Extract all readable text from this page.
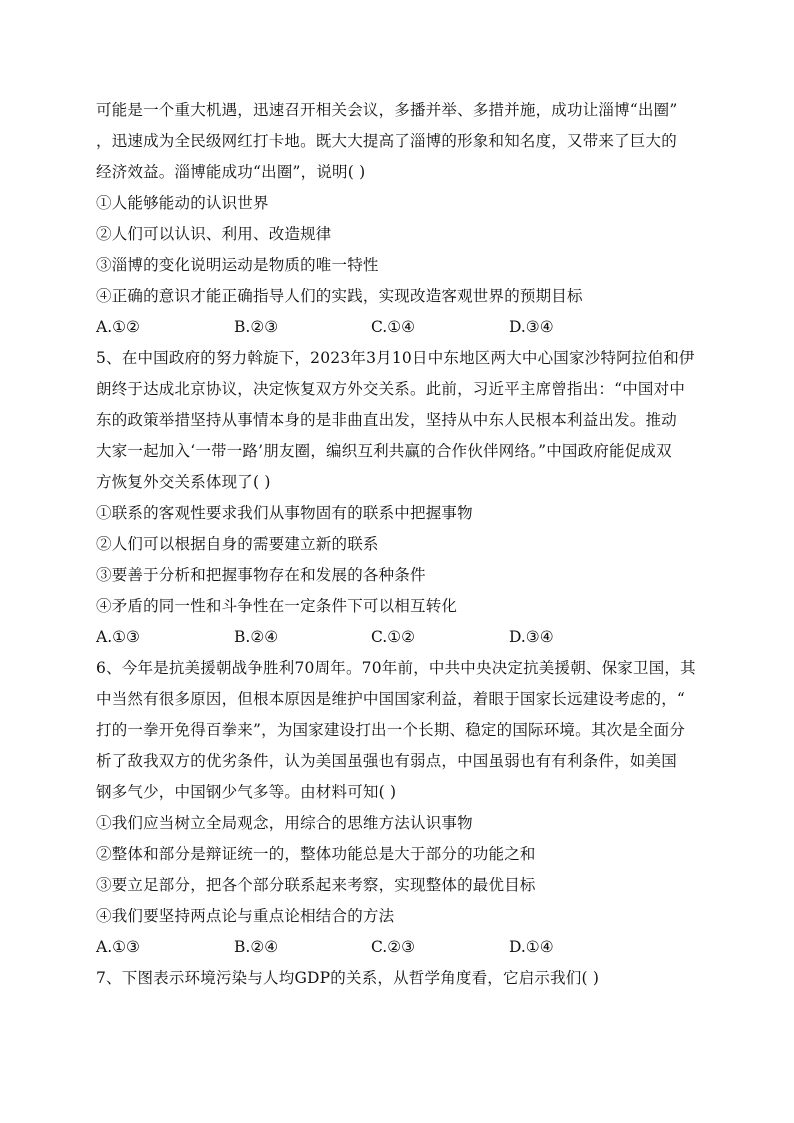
可能是一个重大机遇，迅速召开相关会议，多播并举、多措并施，成功让淄博“出圈”
，迅速成为全民级网红打卡地。既大大提高了淄博的形象和知名度，又带来了巨大的
经济效益。淄博能成功“出圈”，说明( )
①人能够能动的认识世界
②人们可以认识、利用、改造规律
③淄博的变化说明运动是物质的唯一特性
④正确的意识才能正确指导人们的实践，实现改造客观世界的预期目标
A.①②	B.②③	C.①④	D.③④
5、在中国政府的努力斡旋下，2023年3月10日中东地区两大中心国家沙特阿拉伯和伊
朗终于达成北京协议，决定恢复双方外交关系。此前，习近平主席曾指出：“中国对中
东的政策举措坚持从事情本身的是非曲直出发，坚持从中东人民根本利益出发。推动
大家一起加入‘一带一路’朋友圈，编织互利共赢的合作伙伴网络。”中国政府能促成双
方恢复外交关系体现了( )
①联系的客观性要求我们从事物固有的联系中把握事物
②人们可以根据自身的需要建立新的联系
③要善于分析和把握事物存在和发展的各种条件
④矛盾的同一性和斗争性在一定条件下可以相互转化
A.①③	B.②④	C.①②	D.③④
6、今年是抗美援朝战争胜利70周年。70年前，中共中央决定抗美援朝、保家卫国，其
中当然有很多原因，但根本原因是维护中国国家利益，着眼于国家长远建设考虑的，“
打的一拳开免得百拳来”，为国家建设打出一个长期、稳定的国际环境。其次是全面分
析了敌我双方的优劣条件，认为美国虽强也有弱点，中国虽弱也有有利条件，如美国
钢多气少，中国钢少气多等。由材料可知( )
①我们应当树立全局观念，用综合的思维方法认识事物
②整体和部分是辩证统一的，整体功能总是大于部分的功能之和
③要立足部分，把各个部分联系起来考察，实现整体的最优目标
④我们要坚持两点论与重点论相结合的方法
A.①③	B.②④	C.②③	D.①④
7、下图表示环境污染与人均GDP的关系，从哲学角度看，它启示我们( )
